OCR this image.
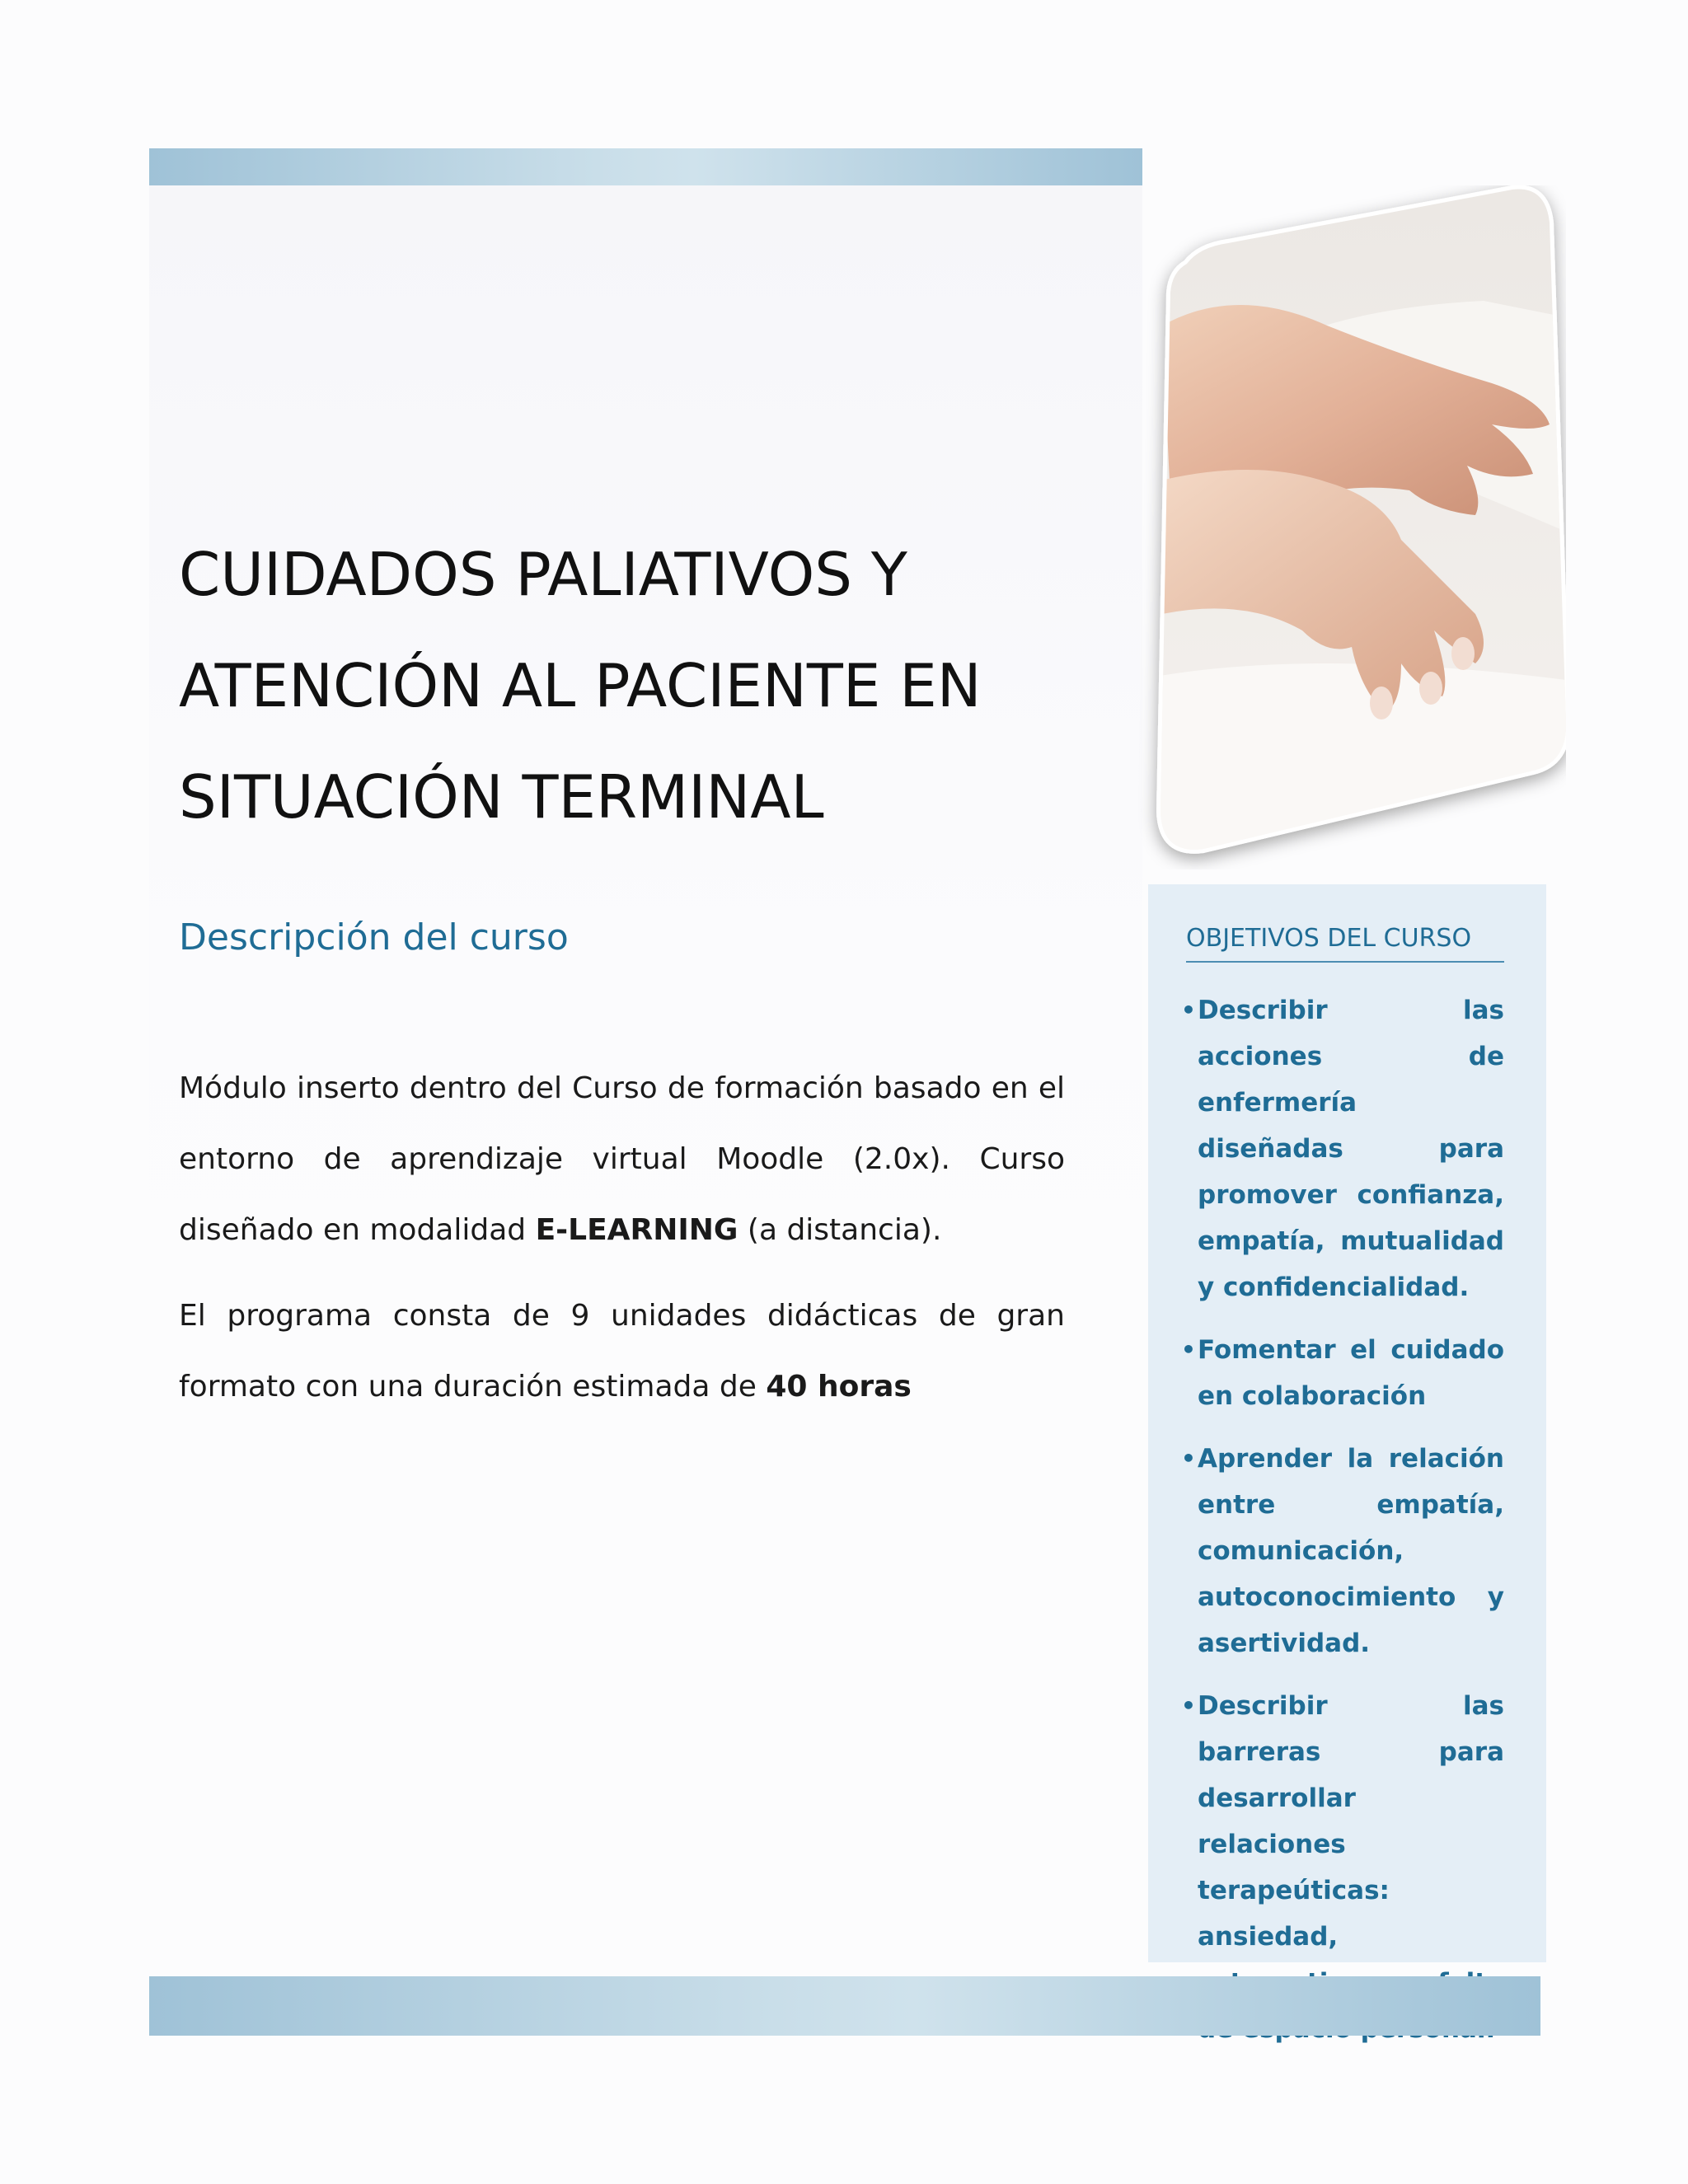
CUIDADOS PALIATIVOS Y
ATENCIÓN AL PACIENTE EN
SITUACIÓN TERMINAL
Descripción del curso

Módulo inserto dentro del Curso de formación basado en el entorno de aprendizaje virtual Moodle (2.0x). Curso diseñado en modalidad E-LEARNING (a distancia).

El programa consta de 9 unidades didácticas de gran formato con una duración estimada de 40 horas

OBJETIVOS DEL CURSO
• Describir las acciones de enfermería diseñadas para promover confianza, empatía, mutualidad y confidencialidad.
• Fomentar el cuidado en colaboración
• Aprender la relación entre empatía, comunicación, autoconocimiento y asertividad.
• Describir las barreras para desarrollar relaciones terapeúticas: ansiedad,
